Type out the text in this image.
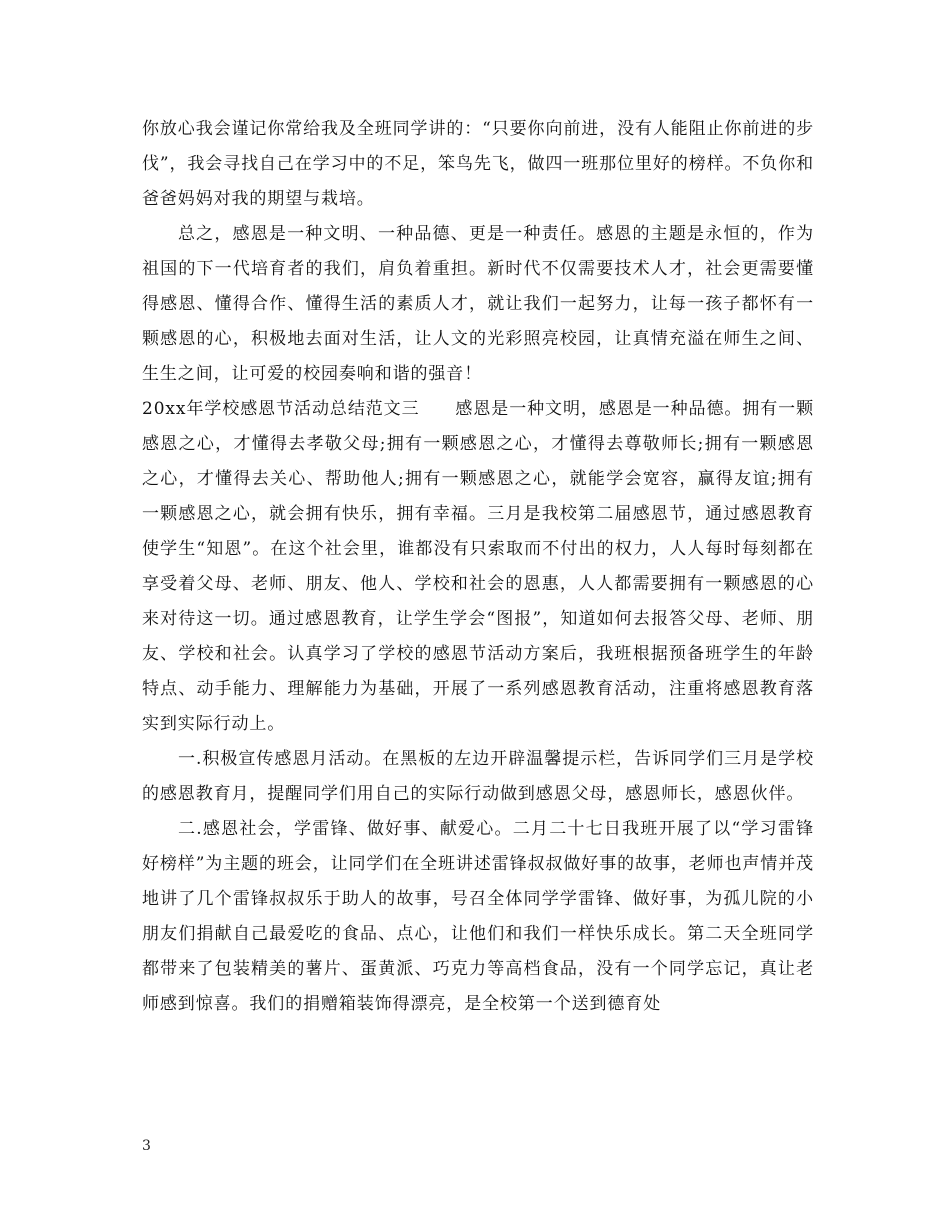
你放心我会谨记你常给我及全班同学讲的：“只要你向前进，没有人能阻止你前进的步伐”，我会寻找自己在学习中的不足，笨鸟先飞，做四一班那位里好的榜样。不负你和爸爸妈妈对我的期望与栽培。

总之，感恩是一种文明、一种品德、更是一种责任。感恩的主题是永恒的，作为祖国的下一代培育者的我们，肩负着重担。新时代不仅需要技术人才，社会更需要懂得感恩、懂得合作、懂得生活的素质人才，就让我们一起努力，让每一孩子都怀有一颗感恩的心，积极地去面对生活，让人文的光彩照亮校园，让真情充溢在师生之间、生生之间，让可爱的校园奏响和谐的强音！

20xx年学校感恩节活动总结范文三　　感恩是一种文明，感恩是一种品德。拥有一颗感恩之心，才懂得去孝敬父母;拥有一颗感恩之心，才懂得去尊敬师长;拥有一颗感恩之心，才懂得去关心、帮助他人;拥有一颗感恩之心，就能学会宽容，赢得友谊;拥有一颗感恩之心，就会拥有快乐，拥有幸福。三月是我校第二届感恩节，通过感恩教育使学生“知恩”。在这个社会里，谁都没有只索取而不付出的权力，人人每时每刻都在享受着父母、老师、朋友、他人、学校和社会的恩惠，人人都需要拥有一颗感恩的心来对待这一切。通过感恩教育，让学生学会“图报”，知道如何去报答父母、老师、朋友、学校和社会。认真学习了学校的感恩节活动方案后，我班根据预备班学生的年龄特点、动手能力、理解能力为基础，开展了一系列感恩教育活动，注重将感恩教育落实到实际行动上。

一.积极宣传感恩月活动。在黑板的左边开辟温馨提示栏，告诉同学们三月是学校的感恩教育月，提醒同学们用自己的实际行动做到感恩父母，感恩师长，感恩伙伴。

二.感恩社会，学雷锋、做好事、献爱心。二月二十七日我班开展了以“学习雷锋好榜样”为主题的班会，让同学们在全班讲述雷锋叔叔做好事的故事，老师也声情并茂地讲了几个雷锋叔叔乐于助人的故事，号召全体同学学雷锋、做好事，为孤儿院的小朋友们捐献自己最爱吃的食品、点心，让他们和我们一样快乐成长。第二天全班同学都带来了包装精美的薯片、蛋黄派、巧克力等高档食品，没有一个同学忘记，真让老师感到惊喜。我们的捐赠箱装饰得漂亮，是全校第一个送到德育处

3
